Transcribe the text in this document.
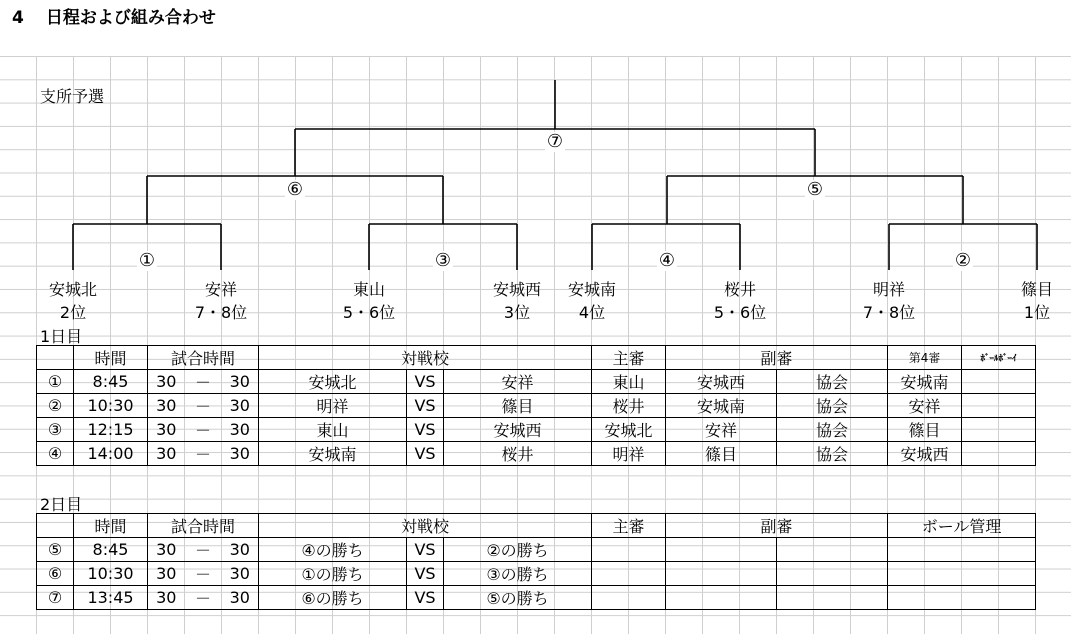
4 日程および組み合わせ
支所予選
⑦
⑥	⑤
①	③	④	②
安城北	安祥	東山	安城西 安城南	桜井	明祥	篠目
2位	7・8位	5・6位	3位	4位	5・6位	7・8位	1位
1日目
	時間	試合時間			対戦校			主審	副審		第4審	ﾎﾞｰﾙﾎﾞｰｲ
①	8:45	30	－	30	安城北	VS	安祥	東山	安城西	協会	安城南	
②	10:30	30	－	30	明祥	VS	篠目	桜井	安城南	協会	安祥	
③	12:15	30	－	30	東山	VS	安城西	安城北	安祥	協会	篠目	
④	14:00	30	－	30	安城南	VS	桜井	明祥	篠目	協会	安城西	
2日目
	時間	試合時間			対戦校			主審	副審		ボール管理
⑤	8:45	30	－	30	④の勝ち	VS	②の勝ち				
⑥	10:30	30	－	30	①の勝ち	VS	③の勝ち				
⑦	13:45	30	－	30	⑥の勝ち	VS	⑤の勝ち				
